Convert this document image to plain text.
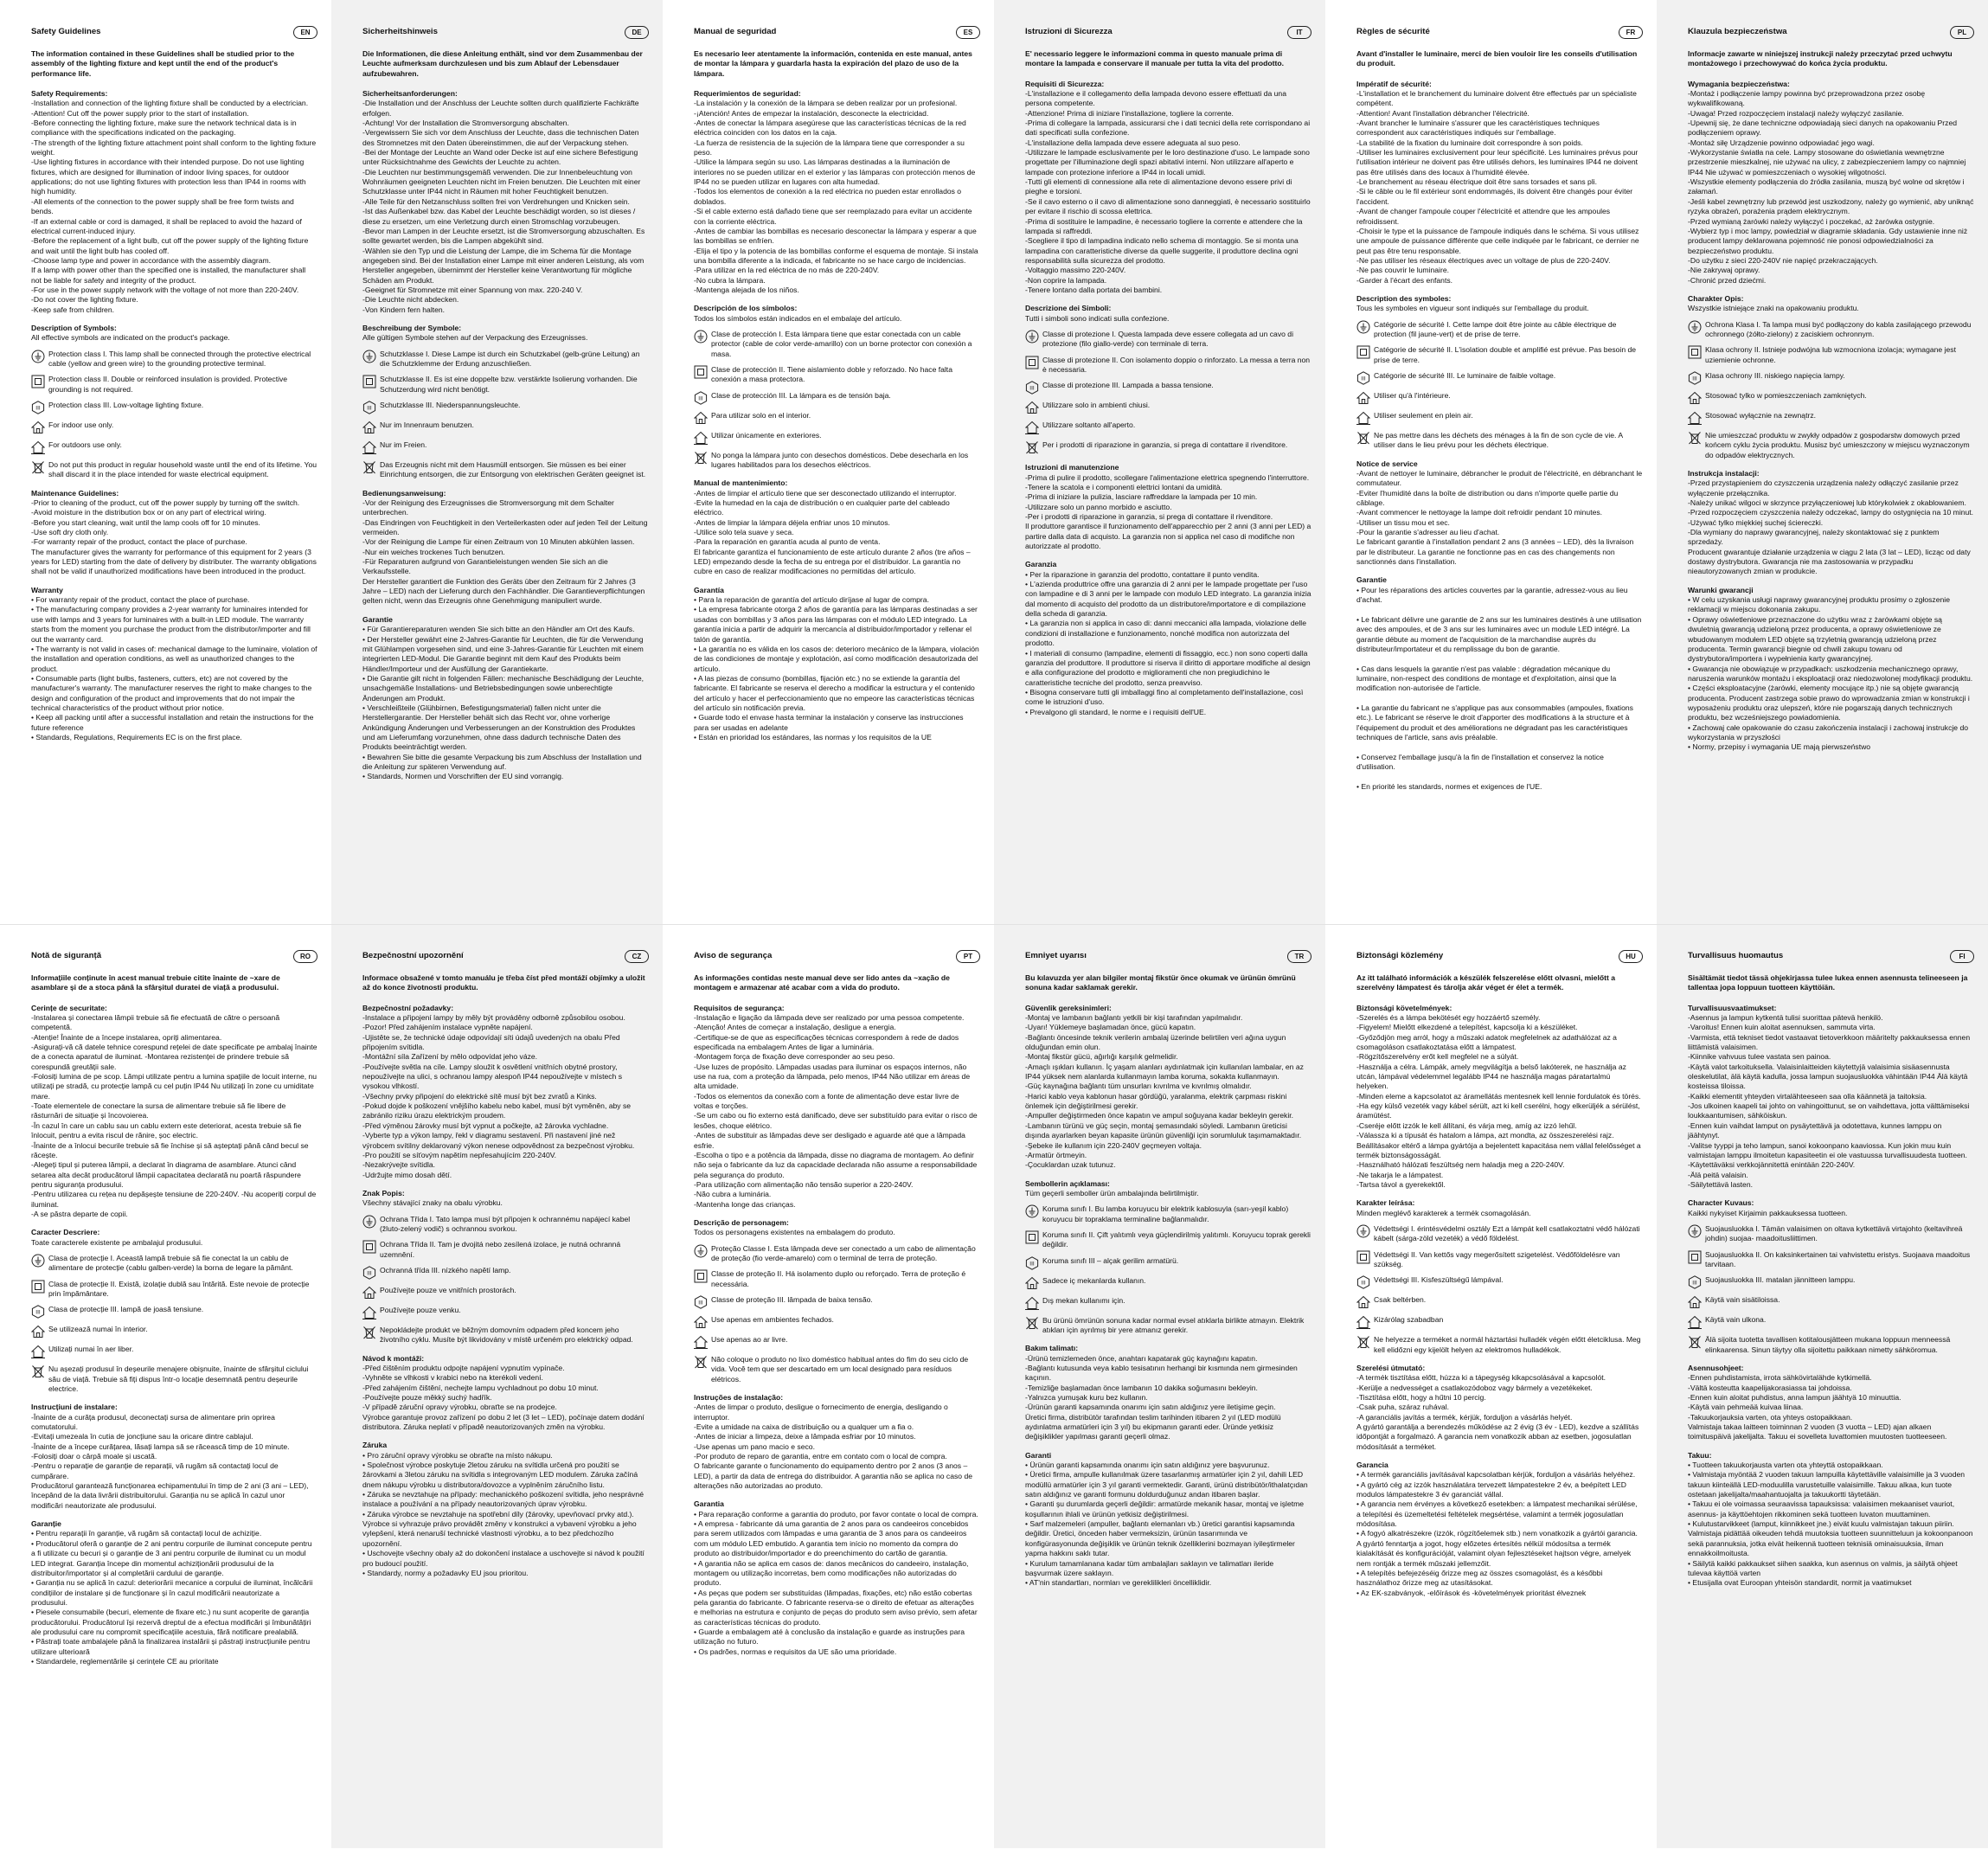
Safety Guidelines	EN
The information contained in these Guidelines shall be studied prior to the assembly of the lighting fixture and kept until the end of the product's performance life.
Safety Requirements:
-Installation and connection of the lighting fixture shall be conducted by a electrician.
-Attention! Cut off the power supply prior to the start of installation.
-Before connecting the lighting fixture, make sure the network technical data is in compliance with the specifications indicated on the packaging.
-The strength of the lighting fixture attachment point shall conform to the lighting fixture weight.
-Use lighting fixtures in accordance with their intended purpose. Do not use lighting fixtures, which are designed for illumination of indoor living spaces, for outdoor applications; do not use lighting fixtures with protection less than IP44 in rooms with high humidity.
-All elements of the connection to the power supply shall be free form twists and bends.
-If an external cable or cord is damaged, it shall be replaced to avoid the hazard of electrical current-induced injury.
-Before the replacement of a light bulb, cut off the power supply of the lighting fixture and wait until the light bulb has cooled off.
-Choose lamp type and power in accordance with the assembly diagram.
If a lamp with power other than the specified one is installed, the manufacturer shall not be liable for safety and integrity of the product.
-For use in the power supply network with the voltage of not more than 220-240V.
-Do not cover the lighting fixture.
-Keep safe from children.
Description of Symbols:
All effective symbols are indicated on the product's package.
Protection class I. This lamp shall be connected through the protective electrical cable (yellow and green wire) to the grounding protective terminal.
Protection class II. Double or reinforced insulation is provided. Protective grounding is not required.
III Protection class III. Low-voltage lighting fixture.
For indoor use only.
For outdoors use only.
Do not put this product in regular household waste until the end of its lifetime. You shall discard it in the place intended for waste electrical equipment.
Maintenance Guidelines:
-Prior to cleaning of the product, cut off the power supply by turning off the switch.
-Avoid moisture in the distribution box or on any part of electrical wiring.
-Before you start cleaning, wait until the lamp cools off for 10 minutes.
-Use soft dry cloth only.
-For warranty repair of the product, contact the place of purchase.
The manufacturer gives the warranty for performance of this equipment for 2 years (3 years for LED) starting from the date of delivery by distributer. The warranty obligations shall not be valid if unauthorized modifications have been introduced in the product.
Warranty
• For warranty repair of the product, contact the place of purchase.
• The manufacturing company provides a 2-year warranty for luminaires intended for use with lamps and 3 years for luminaires with a built-in LED module. The warranty starts from the moment you purchase the product from the distributor/importer and fill out the warranty card.
• The warranty is not valid in cases of: mechanical damage to the luminaire, violation of the installation and operation conditions, as well as unauthorized changes to the product.
• Consumable parts (light bulbs, fasteners, cutters, etc) are not covered by the manufacturer's warranty. The manufacturer reserves the right to make changes to the design and configuration of the product and improvements that do not impair the technical characteristics of the product without prior notice.
• Keep all packing until after a successful installation and retain the instructions for the future reference
• Standards, Regulations, Requirements EC is on the first place.
Sicherheitshinweis	DE
Die Informationen, die diese Anleitung enthält, sind vor dem Zusammenbau der Leuchte aufmerksam durchzulesen und bis zum Ablauf der Lebensdauer aufzubewahren.
Sicherheitsanforderungen:
-Die Installation und der Anschluss der Leuchte sollten durch qualifizierte Fachkräfte erfolgen.
-Achtung! Vor der Installation die Stromversorgung abschalten.
-Vergewissern Sie sich vor dem Anschluss der Leuchte, dass die technischen Daten des Stromnetzes mit den Daten übereinstimmen, die auf der Verpackung stehen.
-Bei der Montage der Leuchte an Wand oder Decke ist auf eine sichere Befestigung unter Rücksichtnahme des Gewichts der Leuchte zu achten.
-Die Leuchten nur bestimmungsgemäß verwenden. Die zur Innenbeleuchtung von Wohnräumen geeigneten Leuchten nicht im Freien benutzen. Die Leuchten mit einer Schutzklasse unter IP44 nicht in Räumen mit hoher Feuchtigkeit benutzen.
-Alle Teile für den Netzanschluss sollten frei von Verdrehungen und Knicken sein.
-Ist das Außenkabel bzw. das Kabel der Leuchte beschädigt worden, so ist dieses / diese zu ersetzen, um eine Verletzung durch einen Stromschlag vorzubeugen.
-Bevor man Lampen in der Leuchte ersetzt, ist die Stromversorgung abzuschalten. Es sollte gewartet werden, bis die Lampen abgekühlt sind.
-Wählen sie den Typ und die Leistung der Lampe, die im Schema für die Montage angegeben sind. Bei der Installation einer Lampe mit einer anderen Leistung, als vom Hersteller angegeben, übernimmt der Hersteller keine Verantwortung für mögliche Schäden am Produkt.
-Geeignet für Stromnetze mit einer Spannung von max. 220-240 V.
-Die Leuchte nicht abdecken.
-Von Kindern fern halten.
Beschreibung der Symbole:
Alle gültigen Symbole stehen auf der Verpackung des Erzeugnisses.
Schutzklasse I. Diese Lampe ist durch ein Schutzkabel (gelb-grüne Leitung) an die Schutzklemme der Erdung anzuschließen.
Schutzklasse II. Es ist eine doppelte bzw. verstärkte Isolierung vorhanden. Die Schutzerdung wird nicht benötigt.
III Schutzklasse III. Niederspannungsleuchte.
Nur im Innenraum benutzen.
Nur im Freien.
Das Erzeugnis nicht mit dem Hausmüll entsorgen. Sie müssen es bei einer Einrichtung entsorgen, die zur Entsorgung von elektrischen Geräten geeignet ist.
Bedienungsanweisung:
-Vor der Reinigung des Erzeugnisses die Stromversorgung mit dem Schalter unterbrechen.
-Das Eindringen von Feuchtigkeit in den Verteilerkasten oder auf jeden Teil der Leitung vermeiden.
-Vor der Reinigung die Lampe für einen Zeitraum von 10 Minuten abkühlen lassen.
-Nur ein weiches trockenes Tuch benutzen.
-Für Reparaturen aufgrund von Garantieleistungen wenden Sie sich an die Verkaufsstelle.
Der Hersteller garantiert die Funktion des Geräts über den Zeitraum für 2 Jahres (3 Jahre – LED) nach der Lieferung durch den Fachhändler. Die Garantieverpflichtungen gelten nicht, wenn das Erzeugnis ohne Genehmigung manipuliert wurde.
Garantie
• Für Garantiereparaturen wenden Sie sich bitte an den Händler am Ort des Kaufs.
• Der Hersteller gewährt eine 2-Jahres-Garantie für Leuchten, die für die Verwendung mit Glühlampen vorgesehen sind, und eine 3-Jahres-Garantie für Leuchten mit einem integrierten LED-Modul. Die Garantie beginnt mit dem Kauf des Produkts beim Händler/Importeur und der Ausfüllung der Garantiekarte.
• Die Garantie gilt nicht in folgenden Fällen: mechanische Beschädigung der Leuchte, unsachgemäße Installations- und Betriebsbedingungen sowie unberechtigte Änderungen am Produkt.
• Verschleißteile (Glühbirnen, Befestigungsmaterial) fallen nicht unter die Herstellergarantie. Der Hersteller behält sich das Recht vor, ohne vorherige Ankündigung Änderungen und Verbesserungen an der Konstruktion des Produktes und am Lieferumfang vorzunehmen, ohne dass dadurch technische Daten des Produkts beeinträchtigt werden.
• Bewahren Sie bitte die gesamte Verpackung bis zum Abschluss der Installation und die Anleitung zur späteren Verwendung auf.
• Standards, Normen und Vorschriften der EU sind vorrangig.
Manual de seguridad	ES
Es necesario leer atentamente la información, contenida en este manual, antes de montar la lámpara y guardarla hasta la expiración del plazo de uso de la lámpara.
Requerimientos de seguridad:
-La instalación y la conexión de la lámpara se deben realizar por un profesional.
-¡Atención! Antes de empezar la instalación, desconecte la electricidad.
-Antes de conectar la lámpara asegúrese que las características técnicas de la red eléctrica coinciden con los datos en la caja.
-La fuerza de resistencia de la sujeción de la lámpara tiene que corresponder a su peso.
-Utilice la lámpara según su uso. Las lámparas destinadas a la iluminación de interiores no se pueden utilizar en el exterior y las lámparas con protección menos de IP44 no se pueden utilizar en lugares con alta humedad.
-Todos los elementos de conexión a la red eléctrica no pueden estar enrollados o doblados.
-Si el cable externo está dañado tiene que ser reemplazado para evitar un accidente con la corriente eléctrica.
-Antes de cambiar las bombillas es necesario desconectar la lámpara y esperar a que las bombillas se enfríen.
-Elija el tipo y la potencia de las bombillas conforme el esquema de montaje. Si instala una bombilla diferente a la indicada, el fabricante no se hace cargo de incidencias.
-Para utilizar en la red eléctrica de no más de 220-240V.
-No cubra la lámpara.
-Mantenga alejada de los niños.
Descripción de los símbolos:
Todos los símbolos están indicados en el embalaje del artículo.
Clase de protección I. Esta lámpara tiene que estar conectada con un cable protector (cable de color verde-amarillo) con un borne protector con conexión a masa.
Clase de protección II. Tiene aislamiento doble y reforzado. No hace falta conexión a masa protectora.
III Clase de protección III. La lámpara es de tensión baja.
Para utilizar solo en el interior.
Utilizar únicamente en exteriores.
No ponga la lámpara junto con desechos domésticos. Debe desecharla en los lugares habilitados para los desechos eléctricos.
Manual de mantenimiento:
-Antes de limpiar el artículo tiene que ser desconectado utilizando el interruptor.
-Evite la humedad en la caja de distribución o en cualquier parte del cableado eléctrico.
-Antes de limpiar la lámpara déjela enfriar unos 10 minutos.
-Utilice solo tela suave y seca.
-Para la reparación en garantía acuda al punto de venta.
El fabricante garantiza el funcionamiento de este artículo durante 2 años (tre años – LED) empezando desde la fecha de su entrega por el distribuidor. La garantía no cubre en caso de realizar modificaciones no permitidas del artículo.
Garantía
• Para la reparación de garantía del artículo diríjase al lugar de compra.
• La empresa fabricante otorga 2 años de garantía para las lámparas destinadas a ser usadas con bombillas y 3 años para las lámparas con el módulo LED integrado. La garantía inicia a partir de adquirir la mercancía al distribuidor/importador y rellenar el talón de garantía.
• La garantía no es válida en los casos de: deterioro mecánico de la lámpara, violación de las condiciones de montaje y explotación, así como modificación desautorizada del artículo.
• A las piezas de consumo (bombillas, fijación etc.) no se extiende la garantía del fabricante. El fabricante se reserva el derecho a modificar la estructura y el contenido del artículo y hacer el perfeccionamiento que no empeore las características técnicas del artículo sin notificación previa.
• Guarde todo el envase hasta terminar la instalación y conserve las instrucciones para ser usadas en adelante
• Están en prioridad los estándares, las normas y los requisitos de la UE
Istruzioni di Sicurezza	IT
E' necessario leggere le informazioni comma in questo manuale prima di montare la lampada e conservare il manuale per tutta la vita del prodotto.
Requisiti di Sicurezza:
-L'installazione e il collegamento della lampada devono essere effettuati da una persona competente.
-Attenzione! Prima di iniziare l'installazione, togliere la corrente.
-Prima di collegare la lampada, assicurarsi che i dati tecnici della rete corrispondano ai dati specificati sulla confezione.
-L'installazione della lampada deve essere adeguata al suo peso.
-Utilizzare le lampade esclusivamente per le loro destinazione d'uso. Le lampade sono progettate per l'illuminazione degli spazi abitativi interni. Non utilizzare all'aperto e lampade con protezione inferiore a IP44 in locali umidi.
-Tutti gli elementi di connessione alla rete di alimentazione devono essere privi di pieghe e torsioni.
-Se il cavo esterno o il cavo di alimentazione sono danneggiati, è necessario sostituirlo per evitare il rischio di scossa elettrica.
-Prima di sostituire le lampadine, è necessario togliere la corrente e attendere che la lampada si raffreddi.
-Scegliere il tipo di lampadina indicato nello schema di montaggio. Se si monta una lampadina con caratteristiche diverse da quelle suggerite, il produttore declina ogni responsabilità sulla sicurezza del prodotto.
-Voltaggio massimo 220-240V.
-Non coprire la lampada.
-Tenere lontano dalla portata dei bambini.
Descrizione dei Simboli:
Tutti i simboli sono indicati sulla confezione.
Classe di protezione I. Questa lampada deve essere collegata ad un cavo di protezione (filo giallo-verde) con terminale di terra.
Classe di protezione II. Con isolamento doppio o rinforzato. La messa a terra non è necessaria.
III Classe di protezione III. Lampada a bassa tensione.
Utilizzare solo in ambienti chiusi.
Utilizzare soltanto all'aperto.
Per i prodotti di riparazione in garanzia, si prega di contattare il rivenditore.
Istruzioni di manutenzione
-Prima di pulire il prodotto, scollegare l'alimentazione elettrica spegnendo l'interruttore.
-Tenere la scatola e i componenti elettrici lontani da umidità.
-Prima di iniziare la pulizia, lasciare raffreddare la lampada per 10 min.
-Utilizzare solo un panno morbido e asciutto.
-Per i prodotti di riparazione in garanzia, si prega di contattare il rivenditore.
Il produttore garantisce il funzionamento dell'apparecchio per 2 anni (3 anni per LED) a partire dalla data di acquisto. La garanzia non si applica nel caso di modifiche non autorizzate al prodotto.
Garanzia
• Per la riparazione in garanzia del prodotto, contattare il punto vendita.
• L'azienda produttrice offre una garanzia di 2 anni per le lampade progettate per l'uso con lampadine e di 3 anni per le lampade con modulo LED integrato. La garanzia inizia dal momento di acquisto del prodotto da un distributore/importatore e di compilazione della scheda di garanzia.
• La garanzia non si applica in caso di: danni meccanici alla lampada, violazione delle condizioni di installazione e funzionamento, nonché modifica non autorizzata del prodotto.
• I materiali di consumo (lampadine, elementi di fissaggio, ecc.) non sono coperti dalla garanzia del produttore. Il produttore si riserva il diritto di apportare modifiche al design e alla configurazione del prodotto e miglioramenti che non pregiudichino le caratteristiche tecniche del prodotto, senza preavviso.
• Bisogna conservare tutti gli imballaggi fino al completamento dell'installazione, così come le istruzioni d'uso.
• Prevalgono gli standard, le norme e i requisiti dell'UE.
Règles de sécurité	FR
Avant d'installer le luminaire, merci de bien vouloir lire les conseils d'utilisation du produit.
Impératif de sécurité:
-L'installation et le branchement du luminaire doivent être effectués par un spécialiste compétent.
-Attention! Avant l'installation débrancher l'électricité.
-Avant brancher le luminaire s'assurer que les caractéristiques techniques correspondent aux caractéristiques indiqués sur l'emballage.
-La stabilité de la fixation du luminaire doit correspondre à son poids.
-Utiliser les luminaires exclusivement pour leur spécificité. Les luminaires prévus pour l'utilisation intérieur ne doivent pas être utilisés dehors, les luminaires IP44 ne doivent pas être utilisés dans des locaux à l'humidité élevée.
-Le branchement au réseau électrique doit être sans torsades et sans pli.
-Si le câble ou le fil extérieur sont endommagés, ils doivent être changés pour éviter l'accident.
-Avant de changer l'ampoule couper l'électricité et attendre que les ampoules refroidissent.
-Choisir le type et la puissance de l'ampoule indiqués dans le schéma. Si vous utilisez une ampoule de puissance différente que celle indiquée par le fabricant, ce dernier ne peut pas être tenu responsable.
-Ne pas utiliser les réseaux électriques avec un voltage de plus de 220-240V.
-Ne pas couvrir le luminaire.
-Garder à l'écart des enfants.
Description des symboles:
Tous les symboles en vigueur sont indiqués sur l'emballage du produit.
Catégorie de sécurité I. Cette lampe doit être jointe au câble électrique de protection (fil jaune-vert) et de prise de terre.
Catégorie de sécurité II. L'isolation double et amplifié est prévue. Pas besoin de prise de terre.
III Catégorie de sécurité III. Le luminaire de faible voltage.
Utiliser qu'à l'intérieure.
Utiliser seulement en plein air.
Ne pas mettre dans les déchets des ménages à la fin de son cycle de vie. A utiliser dans le lieu prévu pour les déchets électrique.
Notice de service
-Avant de nettoyer le luminaire, débrancher le produit de l'électricité, en débranchant le commutateur.
-Eviter l'humidité dans la boîte de distribution ou dans n'importe quelle partie du câblage.
-Avant commencer le nettoyage la lampe doit refroidir pendant 10 minutes.
-Utiliser un tissu mou et sec.
-Pour la garantie s'adresser au lieu d'achat.
Le fabricant garantie à l'installation pendant 2 ans (3 années – LED), dès la livraison par le distributeur. La garantie ne fonctionne pas en cas des changements non sanctionnés dans l'installation.
Garantie
• Pour les réparations des articles couvertes par la garantie, adressez-vous au lieu d'achat.

• Le fabricant délivre une garantie de 2 ans sur les luminaires destinés à une utilisation avec des ampoules, et de 3 ans sur les luminaires avec un module LED intégré. La garantie débute au moment de l'acquisition de la marchandise auprès du distributeur/importateur et du remplissage du bon de garantie.

• Cas dans lesquels la garantie n'est pas valable : dégradation mécanique du luminaire, non-respect des conditions de montage et d'exploitation, ainsi que la modification non-autorisée de l'article.

• La garantie du fabricant ne s'applique pas aux consommables (ampoules, fixations etc.). Le fabricant se réserve le droit d'apporter des modifications à la structure et à l'équipement du produit et des améliorations ne dégradant pas les caractéristiques techniques de l'article, sans avis préalable.

• Conservez l'emballage jusqu'à la fin de l'installation et conservez la notice d'utilisation.

• En priorité les standards, normes et exigences de l'UE.
Klauzula bezpieczeństwa	PL
Informacje zawarte w niniejszej instrukcji należy przeczytać przed uchwytu montażowego i przechowywać do końca życia produktu.
Wymagania bezpieczeństwa:
-Montaż i podłączenie lampy powinna być przeprowadzona przez osobę wykwalifikowaną.
-Uwaga! Przed rozpoczęciem instalacji należy wyłączyć zasilanie.
-Upewnij się, że dane techniczne odpowiadają sieci danych na opakowaniu Przed podłączeniem oprawy.
-Montaż siłę Urządzenie powinno odpowiadać jego wagi.
-Wykorzystanie światła na cele. Lampy stosowane do oświetlania wewnętrzne przestrzenie mieszkalnej, nie używać na ulicy, z zabezpieczeniem lampy co najmniej IP44 Nie używać w pomieszczeniach o wysokiej wilgotności.
-Wszystkie elementy podłączenia do źródła zasilania, muszą być wolne od skrętów i załamań.
-Jeśli kabel zewnętrzny lub przewód jest uszkodzony, należy go wymienić, aby uniknąć ryzyka obrażeń, porażenia prądem elektrycznym.
-Przed wymianą żarówki należy wyłączyć i poczekać, aż żarówka ostygnie.
-Wybierz typ i moc lampy, powiedział w diagramie składania. Gdy ustawienie inne niż producent lampy deklarowana pojemność nie ponosi odpowiedzialności za bezpieczeństwo produktu.
-Do użytku z sieci 220-240V nie napięć przekraczających.
-Nie zakrywaj oprawy.
-Chronić przed dziećmi.
Charakter Opis:
Wszystkie istniejące znaki na opakowaniu produktu.
Ochrona Klasa I. Ta lampa musi być podłączony do kabla zasilającego przewodu ochronnego (żółto-zielony) z zaciskiem ochronnym.
Klasa ochrony II. Istnieje podwójna lub wzmocniona izolacja; wymagane jest uziemienie ochronne.
III Klasa ochrony III. niskiego napięcia lampy.
Stosować tylko w pomieszczeniach zamkniętych.
Stosować wyłącznie na zewnątrz.
Nie umieszczać produktu w zwykły odpadów z gospodarstw domowych przed końcem cyklu życia produktu. Musisz być umieszczony w miejscu wyznaczonym do odpadów elektrycznych.
Instrukcja instalacji:
-Przed przystąpieniem do czyszczenia urządzenia należy odłączyć zasilanie przez wyłączenie przełącznika.
-Należy unikać wilgoci w skrzynce przyłączeniowej lub którykolwiek z okablowaniem.
-Przed rozpoczęciem czyszczenia należy odczekać, lampy do ostygnięcia na 10 minut.
-Używać tylko miękkiej suchej ściereczki.
-Dla wymiany do naprawy gwarancyjnej, należy skontaktować się z punktem sprzedaży.
Producent gwarantuje działanie urządzenia w ciągu 2 lata (3 lat – LED), licząc od daty dostawy dystrybutora. Gwarancja nie ma zastosowania w przypadku nieautoryzowanych zmian w produkcie.
Warunki gwarancji
• W celu uzyskania usługi naprawy gwarancyjnej produktu prosimy o zgłoszenie reklamacji w miejscu dokonania zakupu.
• Oprawy oświetleniowe przeznaczone do użytku wraz z żarówkami objęte są dwuletnią gwarancją udzieloną przez producenta, a oprawy oświetleniowe ze wbudowanym modułem LED objęte są trzyletnią gwarancją udzieloną przez producenta. Termin gwarancji biegnie od chwili zakupu towaru od dystrybutora/importera i wypełnienia karty gwarancyjnej.
• Gwarancja nie obowiązuje w przypadkach: uszkodzenia mechanicznego oprawy, naruszenia warunków montażu i eksploatacji oraz niedozwolonej modyfikacji produktu.
• Części eksploatacyjne (żarówki, elementy mocujące itp.) nie są objęte gwarancją producenta. Producent zastrzega sobie prawo do wprowadzania zmian w konstrukcji i wyposażeniu produktu oraz ulepszeń, które nie pogarszają danych technicznych produktu, bez wcześniejszego powiadomienia.
• Zachowaj całe opakowanie do czasu zakończenia instalacji i zachowaj instrukcje do wykorzystania w przyszłości
• Normy, przepisy i wymagania UE mają pierwszeństwo
Notă de siguranță	RO
Informațiile conținute în acest manual trebuie citite înainte de ~xare de asamblare și de a stoca până la sfârșitul duratei de viață a produsului.
Cerințe de securitate:
-Instalarea și conectarea lămpii trebuie să fie efectuată de către o persoană competentă.
-Atenție! Înainte de a începe instalarea, opriți alimentarea.
-Asigurați-vă că datele tehnice corespund rețelei de date specificate pe ambalaj înainte de a conecta aparatul de iluminat. -Montarea rezistenței de prindere trebuie să corespundă greutății sale.
-Folosiți lumina de pe scop. Lămpi utilizate pentru a lumina spațiile de locuit interne, nu utilizați pe stradă, cu protecție lampă cu cel puțin IP44 Nu utilizați în zone cu umiditate mare.
-Toate elementele de conectare la sursa de alimentare trebuie să fie libere de răsturnări de situație și încovoierea.
-În cazul în care un cablu sau un cablu extern este deteriorat, acesta trebuie să fie înlocuit, pentru a evita riscul de rănire, șoc electric.
-Înainte de a înlocui becurile trebuie să fie închise și să așteptați până când becul se răcește.
-Alegeți tipul și puterea lămpii, a declarat în diagrama de asamblare. Atunci când setarea alta decât producătorul lămpii capacitatea declarată nu poartă răspundere pentru siguranța produsului.
-Pentru utilizarea cu rețea nu depășește tensiune de 220-240V. -Nu acoperiți corpul de iluminat.
-A se păstra departe de copii.
Caracter Descriere:
Toate caracterele existente pe ambalajul produsului.
Clasa de protecție I. Această lampă trebuie să fie conectat la un cablu de alimentare de protecție (cablu galben-verde) la borna de legare la pământ.
Clasa de protecție II. Există, izolație dublă sau întărită. Este nevoie de protecție prin împământare.
III Clasa de protecție III. lampă de joasă tensiune.
Se utilizează numai în interior.
Utilizați numai în aer liber.
Nu așezați produsul în deșeurile menajere obișnuite, înainte de sfârșitul ciclului său de viață. Trebuie să fiți dispus într-o locație desemnată pentru deșeurile electrice.
Instrucțiuni de instalare:
-Înainte de a curăța produsul, deconectați sursa de alimentare prin oprirea comutatorului.
-Evitați umezeala în cutia de joncțiune sau la oricare dintre cablajul.
-Înainte de a începe curățarea, lăsați lampa să se răcească timp de 10 minute.
-Folosiți doar o cârpă moale și uscată.
-Pentru o reparație de garanție de reparații, vă rugăm să contactați locul de cumpărare.
Producătorul garantează funcționarea echipamentului în timp de 2 ani (3 ani – LED), începând de la data livrării distribuitorului. Garanția nu se aplică în cazul unor modificări neautorizate ale produsului.
Garanție
• Pentru reparații în garanție, vă rugăm să contactați locul de achiziție.
• Producătorul oferă o garanție de 2 ani pentru corpurile de iluminat concepute pentru a fi utilizate cu becuri și o garanție de 3 ani pentru corpurile de iluminat cu un modul LED integrat. Garanția începe din momentul achiziționării produsului de la distribuitor/importator și al completării cardului de garanție.
• Garanția nu se aplică în cazul: deteriorării mecanice a corpului de iluminat, încălcării condițiilor de instalare și de funcționare și în cazul modificării neautorizate a produsului.
• Piesele consumabile (becuri, elemente de fixare etc.) nu sunt acoperite de garanția producătorului. Producătorul își rezervă dreptul de a efectua modificări și îmbunătățiri ale produsului care nu compromit specificațiile acestuia, fără notificare prealabilă.
• Păstrați toate ambalajele până la finalizarea instalării și păstrați instrucțiunile pentru utilizare ulterioară
• Standardele, reglementările și cerințele CE au prioritate
Bezpečnostní upozornění	CZ
Informace obsažené v tomto manuálu je třeba číst před montáží objímky a uložit až do konce životnosti produktu.
Bezpečnostní požadavky:
-Instalace a připojení lampy by měly být prováděny odborně způsobilou osobou.
-Pozor! Před zahájením instalace vypněte napájení.
-Ujistěte se, že technické údaje odpovídají síti údajů uvedených na obalu Před připojením svítidla.
-Montážní síla Zařízení by mělo odpovídat jeho váze.
-Používejte světla na cíle. Lampy sloužit k osvětlení vnitřních obytné prostory, nepoužívejte na ulici, s ochranou lampy alespoň IP44 nepoužívejte v místech s vysokou vlhkostí.
-Všechny prvky připojení do elektrické sítě musí být bez zvratů a Kinks.
-Pokud dojde k poškození vnějšího kabelu nebo kabel, musí být vyměněn, aby se zabránilo riziku úrazu elektrickým proudem.
-Před výměnou žárovky musí být vypnut a počkejte, až žárovka vychladne.
-Vyberte typ a výkon lampy, řekl v diagramu sestavení. Při nastavení jiné než výrobcem svítilny deklarovaný výkon nenese odpovědnost za bezpečnost výrobku.
-Pro použití se síťovým napětím nepřesahujícím 220-240V.
-Nezakrývejte svítidla.
-Udržujte mimo dosah dětí.
Znak Popis:
Všechny stávající znaky na obalu výrobku.
Ochrana Třída I. Tato lampa musí být připojen k ochrannému napájecí kabel (žluto-zelený vodič) s ochrannou svorkou.
Ochrana Třída II. Tam je dvojitá nebo zesílená izolace, je nutná ochranná uzemnění.
III Ochranná třída III. nízkého napětí lamp.
Používejte pouze ve vnitřních prostorách.
Používejte pouze venku.
Nepokládejte produkt ve běžným domovním odpadem před koncem jeho životního cyklu. Musíte být likvidovány v místě určeném pro elektrický odpad.
Návod k montáži:
-Před čištěním produktu odpojte napájení vypnutím vypínače.
-Vyhněte se vlhkosti v krabici nebo na kterékoli vedení.
-Před zahájením čištění, nechejte lampu vychladnout po dobu 10 minut.
-Používejte pouze měkký suchý hadřík.
-V případě záruční opravy výrobku, obraťte se na prodejce.
Výrobce garantuje provoz zařízení po dobu 2 let (3 let – LED), počínaje datem dodání distributora. Záruka neplatí v případě neautorizovaných změn na výrobku.
Záruka
• Pro záruční opravy výrobku se obraťte na místo nákupu.
• Společnost výrobce poskytuje 2letou záruku na svítidla určená pro použití se žárovkami a 3letou záruku na svítidla s integrovaným LED modulem. Záruka začíná dnem nákupu výrobku u distributora/dovozce a vyplněním záručního listu.
• Záruka se nevztahuje na případy: mechanického poškození svítidla, jeho nesprávné instalace a používání a na případy neautorizovaných úprav výrobku.
• Záruka výrobce se nevztahuje na spotřební díly (žárovky, upevňovací prvky atd.). Výrobce si vyhrazuje právo provádět změny v konstrukci a vybavení výrobku a jeho vylepšení, která nenaruší technické vlastnosti výrobku, a to bez předchozího upozornění.
• Uschovejte všechny obaly až do dokončení instalace a uschovejte si návod k použití pro budoucí použití.
• Standardy, normy a požadavky EU jsou prioritou.
Aviso de segurança	PT
As informações contidas neste manual deve ser lido antes da ~xação de montagem e armazenar até acabar com a vida do produto.
Requisitos de segurança:
-Instalação e ligação da lâmpada deve ser realizado por uma pessoa competente.
-Atenção! Antes de começar a instalação, desligue a energia.
-Certifique-se de que as especificações técnicas correspondem à rede de dados especificada na embalagem Antes de ligar a luminária.
-Montagem força de fixação deve corresponder ao seu peso.
-Use luzes de propósito. Lâmpadas usadas para iluminar os espaços internos, não use na rua, com a proteção da lâmpada, pelo menos, IP44 Não utilizar em áreas de alta umidade.
-Todos os elementos da conexão com a fonte de alimentação deve estar livre de voltas e torções.
-Se um cabo ou fio externo está danificado, deve ser substituído para evitar o risco de lesões, choque elétrico.
-Antes de substituir as lâmpadas deve ser desligado e aguarde até que a lâmpada esfrie.
-Escolha o tipo e a potência da lâmpada, disse no diagrama de montagem. Ao definir não seja o fabricante da luz da capacidade declarada não assume a responsabilidade pela segurança do produto.
-Para utilização com alimentação não tensão superior a 220-240V.
-Não cubra a luminária.
-Mantenha longe das crianças.
Descrição de personagem:
Todos os personagens existentes na embalagem do produto.
Proteção Classe I. Esta lâmpada deve ser conectado a um cabo de alimentação de proteção (fio verde-amarelo) com o terminal de terra de proteção.
Classe de proteção II. Há isolamento duplo ou reforçado. Terra de proteção é necessária.
III Classe de proteção III. lâmpada de baixa tensão.
Use apenas em ambientes fechados.
Use apenas ao ar livre.
Não coloque o produto no lixo doméstico habitual antes do fim do seu ciclo de vida. Você tem que ser descartado em um local designado para resíduos elétricos.
Instruções de instalação:
-Antes de limpar o produto, desligue o fornecimento de energia, desligando o interruptor.
-Evite a umidade na caixa de distribuição ou a qualquer um a fia o.
-Antes de iniciar a limpeza, deixe a lâmpada esfriar por 10 minutos.
-Use apenas um pano macio e seco.
-Por produto de reparo de garantia, entre em contato com o local de compra.
O fabricante garante o funcionamento do equipamento dentro por 2 anos (3 anos – LED), a partir da data de entrega do distribuidor. A garantia não se aplica no caso de alterações não autorizadas ao produto.
Garantia
• Para reparação conforme a garantia do produto, por favor contate o local de compra.
• A empresa - fabricante dá uma garantia de 2 anos para os candeeiros concebidos para serem utilizados com lâmpadas e uma garantia de 3 anos para os candeeiros com um módulo LED embutido. A garantia tem início no momento da compra do produto ao distribuidor/importador e do preenchimento do cartão de garantia.
• A garantia não se aplica em casos de: danos mecânicos do candeeiro, instalação, montagem ou utilização incorretas, bem como modificações não autorizadas do produto.
• As peças que podem ser substituídas (lâmpadas, fixações, etc) não estão cobertas pela garantia do fabricante. O fabricante reserva-se o direito de efetuar as alterações e melhorias na estrutura e conjunto de peças do produto sem aviso prévio, sem afetar as características técnicas do produto.
• Guarde a embalagem até à conclusão da instalação e guarde as instruções para utilização no futuro.
• Os padrões, normas e requisitos da UE são uma prioridade.
Emniyet uyarısı	TR
Bu kılavuzda yer alan bilgiler montaj fikstür önce okumak ve ürünün ömrünü sonuna kadar saklamak gerekir.
Güvenlik gereksinimleri:
-Montaj ve lambanın bağlantı yetkili bir kişi tarafından yapılmalıdır.
-Uyarı! Yüklemeye başlamadan önce, gücü kapatın.
-Bağlantı öncesinde teknik verilerin ambalaj üzerinde belirtilen veri ağına uygun olduğundan emin olun.
-Montaj fikstür gücü, ağırlığı karşılık gelmelidir.
-Amaçlı ışıkları kullanın. İç yaşam alanları aydınlatmak için kullanılan lambalar, en az IP44 yüksek nem alanlarda kullanmayın lamba koruma, sokakta kullanmayın.
-Güç kaynağına bağlantı tüm unsurları kıvrılma ve kıvrılmış olmalıdır.
-Harici kablo veya kablonun hasar gördüğü, yaralanma, elektrik çarpması riskini önlemek için değiştirilmesi gerekir.
-Ampuller değiştirmeden önce kapatın ve ampul soğuyana kadar bekleyin gerekir.
-Lambanın türünü ve güç seçin, montaj şemasındaki söyledi. Lambanın üreticisi dışında ayarlarken beyan kapasite ürünün güvenliği için sorumluluk taşımamaktadır.
-Şebeke ile kullanım için 220-240V geçmeyen voltaja.
-Armatür örtmeyin.
-Çocuklardan uzak tutunuz.
Sembollerin açıklaması:
Tüm geçerli semboller ürün ambalajında belirtilmiştir.
Koruma sınıfı I. Bu lamba koruyucu bir elektrik kablosuyla (sarı-yeşil kablo) koruyucu bir topraklama terminaline bağlanmalıdır.
Koruma sınıfı II. Çift yalıtımlı veya güçlendirilmiş yalıtımlı. Koruyucu toprak gerekli değildir.
III Koruma sınıfı III – alçak gerilim armatürü.
Sadece iç mekanlarda kullanın.
Dış mekan kullanımı için.
Bu ürünü ömrünün sonuna kadar normal evsel atıklarla birlikte atmayın. Elektrik atıkları için ayrılmış bir yere atmanız gerekir.
Bakım talimatı:
-Ürünü temizlemeden önce, anahtarı kapatarak güç kaynağını kapatın.
-Bağlantı kutusunda veya kablo tesisatının herhangi bir kısmında nem girmesinden kaçının.
-Temizliğe başlamadan önce lambanın 10 dakika soğumasını bekleyin.
-Yalnızca yumuşak kuru bez kullanın.
-Ürünün garanti kapsamında onarımı için satın aldığınız yere iletişime geçin.
Üretici firma, distribütör tarafından teslim tarihinden itibaren 2 yıl (LED modülü aydınlatma armatürleri için 3 yıl) bu ekipmanın garanti eder. Üründe yetkisiz değişiklikler yapılması garanti geçerli olmaz.
Garanti
• Ürünün garanti kapsamında onarımı için satın aldığınız yere başvurunuz.
• Üretici firma, ampulle kullanılmak üzere tasarlanmış armatürler için 2 yıl, dahili LED modüllü armatürler için 3 yıl garanti vermektedir. Garanti, ürünü distribütör/ithalatçıdan satın aldığınız ve garanti formunu doldurduğunuz andan itibaren başlar.
• Garanti şu durumlarda geçerli değildir: armatürde mekanik hasar, montaj ve işletme koşullarının ihlali ve ürünün yetkisiz değiştirilmesi.
• Sarf malzemeleri (ampuller, bağlantı elemanları vb.) üretici garantisi kapsamında değildir. Üretici, önceden haber vermeksizin, ürünün tasarımında ve konfigürasyonunda değişiklik ve ürünün teknik özelliklerini bozmayan iyileştirmeler yapma hakkını saklı tutar.
• Kurulum tamamlanana kadar tüm ambalajları saklayın ve talimatları ileride başvurmak üzere saklayın.
• AT'nin standartları, normları ve gereklilikleri öncelliklidir.
Biztonsági közlemény	HU
Az itt található információk a készülék felszerelése előtt olvasni, mielőtt a szerelvény lámpatest és tárolja akár véget ér élet a termék.
Biztonsági követelmények:
-Szerelés és a lámpa bekötését egy hozzáértő személy.
-Figyelem! Mielőtt elkezdené a telepítést, kapcsolja ki a készüléket.
-Győződjön meg arról, hogy a műszaki adatok megfelelnek az adathálózat az a csomagoláson csatlakoztatása előtt a lámpatest.
-Rögzítőszerelvény erőt kell megfelel ne a súlyát.
-Használja a célra. Lámpák, amely megvilágítja a belső lakóterek, ne használja az utcán, lámpával védelemmel legalább IP44 ne használja magas páratartalmú helyeken.
-Minden eleme a kapcsolatot az áramellátás mentesnek kell lennie fordulatok és törés.
-Ha egy külső vezeték vagy kábel sérült, azt ki kell cserélni, hogy elkerüljék a sérülést, áramütést.
-Cseréje előtt izzók le kell állítani, és várja meg, amíg az izzó lehűl.
-Válassza ki a típusát és hatalom a lámpa, azt mondta, az összeszerelési rajz. Beállításakor eltérő a lámpa gyártója a bejelentett kapacitása nem vállal felelősséget a termék biztonságosságát.
-Használható hálózati feszültség nem haladja meg a 220-240V.
-Ne takarja le a lámpatest.
-Tartsa távol a gyerekektől.
Karakter leírása:
Minden meglévő karakterek a termék csomagolásán.
Védettségi I. érintésvédelmi osztály Ezt a lámpát kell csatlakoztatni védő hálózati kábelt (sárga-zöld vezeték) a védő földelést.
Védettségi II. Van kettős vagy megerősített szigetelést. Védőföldelésre van szükség.
III Védettségi III. Kisfeszültségű lámpával.
Csak beltérben.
Kizárólag szabadban
Ne helyezze a terméket a normál háztartási hulladék végén előtt életciklusa. Meg kell elidőzni egy kijelölt helyen az elektromos hulladékok.
Szerelési útmutató:
-A termék tisztítása előtt, húzza ki a tápegység kikapcsolásával a kapcsolót.
-Kerülje a nedvességet a csatlakozódoboz vagy bármely a vezetékeket.
-Tisztítása előtt, hogy a hűtni 10 percig.
-Csak puha, száraz ruhával.
-A garanciális javítás a termék, kérjük, forduljon a vásárlás helyét.
A gyártó garantálja a berendezés működése az 2 évig (3 év - LED), kezdve a szállítás időpontját a forgalmazó. A garancia nem vonatkozik abban az esetben, jogosulatlan módosítását a terméket.
Garancia
• A termék garanciális javításával kapcsolatban kérjük, forduljon a vásárlás helyéhez.
• A gyártó cég az izzók használatára tervezett lámpatestekre 2 év, a beépített LED modulos lámpatestekre 3 év garanciát vállal.
• A garancia nem érvényes a következő esetekben: a lámpatest mechanikai sérülése, a telepítési és üzemeltetési feltételek megsértése, valamint a termék jogosulatlan módosítása.
• A fogyó alkatrészekre (izzók, rögzítőelemek stb.) nem vonatkozik a gyártói garancia. A gyártó fenntartja a jogot, hogy előzetes értesítés nélkül módosítsa a termék kialakítását és konfigurációját, valamint olyan fejlesztéseket hajtson végre, amelyek nem rontják a termék műszaki jellemzőit.
• A telepítés befejezéséig őrizze meg az összes csomagolást, és a későbbi használathoz őrizze meg az utasításokat.
• Az EK-szabványok, -előírások és -követelmények prioritást élveznek
Turvallisuus huomautus	FI
Sisältämät tiedot tässä ohjekirjassa tulee lukea ennen asennusta telineeseen ja tallentaa jopa loppuun tuotteen käyttöiän.
Turvallisuusvaatimukset:
-Asennus ja lampun kytkentä tulisi suorittaa pätevä henkilö.
-Varoitus! Ennen kuin aloitat asennuksen, sammuta virta.
-Varmista, että tekniset tiedot vastaavat tietoverkkoon määritelty pakkauksessa ennen liittämistä valaisimen.
-Kiinnike vahvuus tulee vastata sen painoa.
-Käytä valot tarkoituksella. Valaisinlaitteiden käytettyjä valaisimia sisäasennusta oleskelutilat, älä käytä kadulla, jossa lampun suojausluokka vähintään IP44 Älä käytä kosteissa tiloissa.
-Kaikki elementit yhteyden virtalähteeseen saa olla käännetä ja taitoksia.
-Jos ulkoinen kaapeli tai johto on vahingoittunut, se on vaihdettava, jotta välttämiseksi loukkaantumisen, sähköiskun.
-Ennen kuin vaihdat lamput on pysäytettävä ja odotettava, kunnes lamppu on jäähtynyt.
-Valitse tyyppi ja teho lampun, sanoi kokoonpano kaaviossa. Kun jokin muu kuin valmistajan lamppu ilmoitetun kapasiteetin ei ole vastuussa turvallisuudesta tuotteen.
-Käytettäväksi verkkojännitettä enintään 220-240V.
-Älä peitä valaisin.
-Säilytettävä lasten.
Character Kuvaus:
Kaikki nykyiset Kirjaimin pakkauksessa tuotteen.
Suojausluokka I. Tämän valaisimen on oltava kytkettävä virtajohto (keltavihreä johdin) suojaa- maadoitusliittimen.
Suojausluokka II. On kaksinkertainen tai vahvistettu eristys. Suojaava maadoitus tarvitaan.
III Suojausluokka III. matalan jännitteen lamppu.
Käytä vain sisätiloissa.
Käytä vain ulkona.
Älä sijoita tuotetta tavallisen kotitalousjätteen mukana loppuun menneessä elinkaarensa. Sinun täytyy olla sijoitettu paikkaan nimetty sähköromua.
Asennusohjeet:
-Ennen puhdistamista, irrota sähkövirtalähde kytkimellä.
-Vältä kosteutta kaapelijakorasiassa tai johdoissa.
-Ennen kuin aloitat puhdistus, anna lampun jäähtyä 10 minuuttia.
-Käytä vain pehmeää kuivaa liinaa.
-Takuukorjauksia varten, ota yhteys ostopaikkaan.
Valmistaja takaa laitteen toiminnan 2 vuoden (3 vuotta – LED) ajan alkaen toimituspäivä jakelijalta. Takuu ei sovelleta luvattomien muutosten tuotteeseen.
Takuu:
• Tuotteen takuukorjausta varten ota yhteyttä ostopaikkaan.
• Valmistaja myöntää 2 vuoden takuun lampuilla käytettäville valaisimille ja 3 vuoden takuun kiinteällä LED-moduulilla varustetuille valaisimille. Takuu alkaa, kun tuote ostetaan jakelijalta/maahantuojalta ja takuukortti täytetään.
• Takuu ei ole voimassa seuraavissa tapauksissa: valaisimen mekaaniset vauriot, asennus- ja käyttöehtojen rikkominen sekä tuotteen luvaton muuttaminen.
• Kulutustarvikkeet (lamput, kiinnikkeet jne.) eivät kuulu valmistajan takuun piiriin. Valmistaja pidättää oikeuden tehdä muutoksia tuotteen suunnitteluun ja kokoonpanoon sekä parannuksia, jotka eivät heikennä tuotteen teknisiä ominaisuuksia, ilman ennakkoilmoitusta.
• Säilytä kaikki pakkaukset siihen saakka, kun asennus on valmis, ja säilytä ohjeet tulevaa käyttöä varten
• Etusijalla ovat Euroopan yhteisön standardit, normit ja vaatimukset
